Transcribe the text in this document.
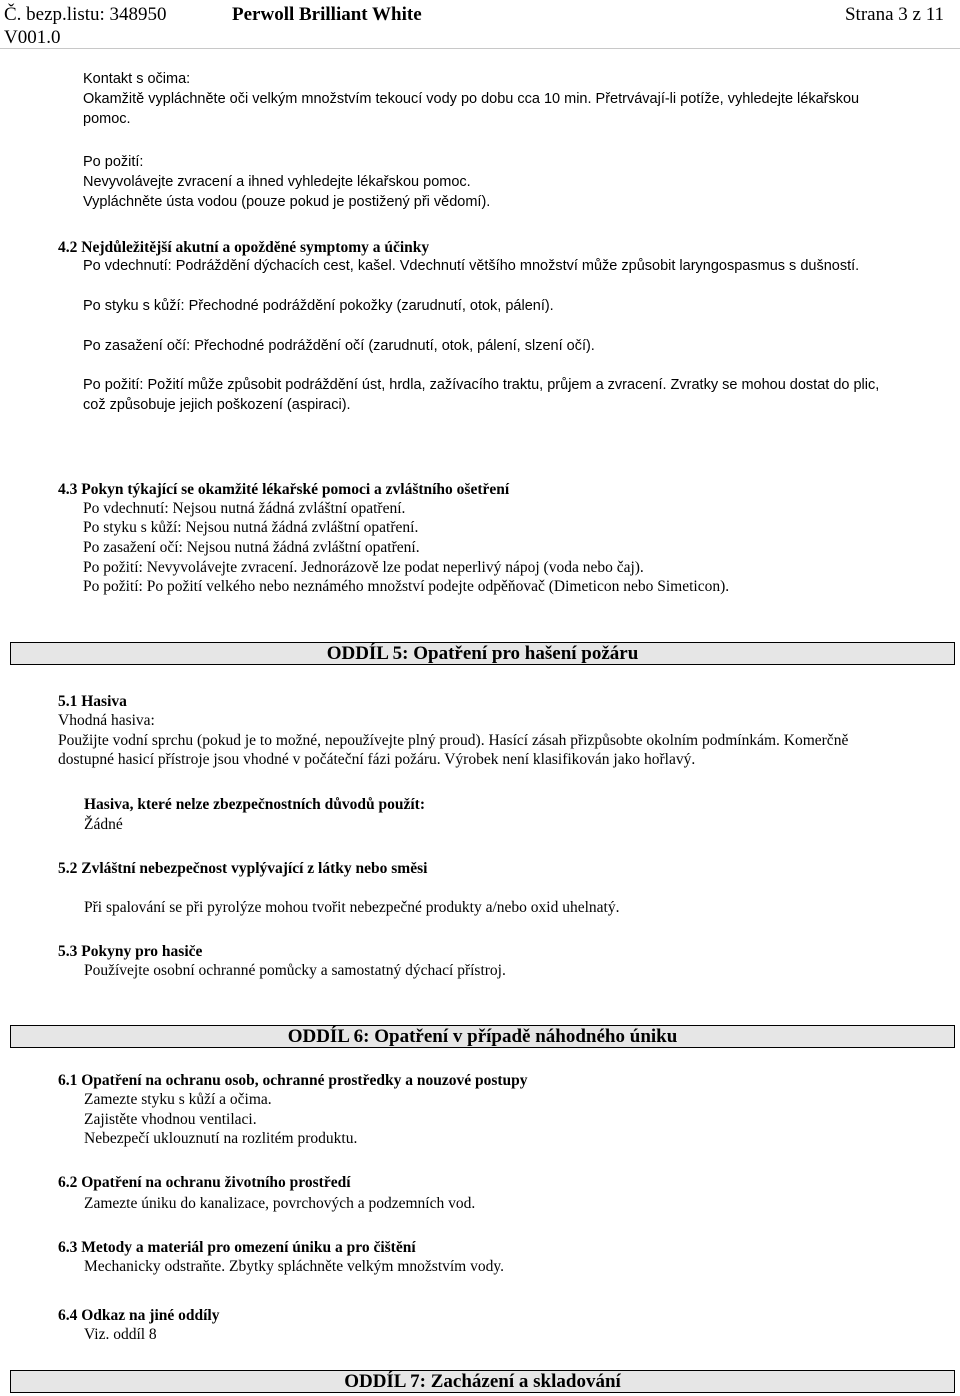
Č. bezp.listu: 348950
V001.0
Perwoll Brilliant White	Strana 3 z 11
Kontakt s očima:
Okamžitě vypláchněte oči velkým množstvím tekoucí vody po dobu cca 10 min. Přetrvávají-li potíže, vyhledejte lékařskou
pomoc.
Po požití:
Nevyvolávejte zvracení a ihned vyhledejte lékařskou pomoc.
Vypláchněte ústa vodou (pouze pokud je postižený při vědomí).
4.2 Nejdůležitější akutní a opožděné symptomy a účinky
Po vdechnutí: Podráždění dýchacích cest, kašel. Vdechnutí většího množství může způsobit laryngospasmus s dušností.
Po styku s kůží: Přechodné podráždění pokožky (zarudnutí, otok, pálení).
Po zasažení očí: Přechodné podráždění očí (zarudnutí, otok, pálení, slzení očí).
Po požití: Požití může způsobit podráždění úst, hrdla, zažívacího traktu, průjem a zvracení. Zvratky se mohou dostat do plic,
což způsobuje jejich poškození (aspiraci).
4.3 Pokyn týkající se okamžité lékařské pomoci a zvláštního ošetření
Po vdechnutí: Nejsou nutná žádná zvláštní opatření.
Po styku s kůží: Nejsou nutná žádná zvláštní opatření.
Po zasažení očí: Nejsou nutná žádná zvláštní opatření.
Po požití: Nevyvolávejte zvracení. Jednorázově lze podat neperlivý nápoj (voda nebo čaj).
Po požití: Po požití velkého nebo neznámého množství podejte odpěňovač (Dimeticon nebo Simeticon).
ODDÍL 5: Opatření pro hašení požáru
5.1 Hasiva
Vhodná hasiva:
Použijte vodní sprchu (pokud je to možné, nepoužívejte plný proud). Hasící zásah přizpůsobte okolním podmínkám. Komerčně
dostupné hasicí přístroje jsou vhodné v počáteční fázi požáru. Výrobek není klasifikován jako hořlavý.
Hasiva, které nelze zbezpečnostních důvodů použít:
Žádné
5.2 Zvláštní nebezpečnost vyplývající z látky nebo směsi
Při spalování se při pyrolýze mohou tvořit nebezpečné produkty a/nebo oxid uhelnatý.
5.3 Pokyny pro hasiče
Používejte osobní ochranné pomůcky a samostatný dýchací přístroj.
ODDÍL 6: Opatření v případě náhodného úniku
6.1 Opatření na ochranu osob, ochranné prostředky a nouzové postupy
Zamezte styku s kůží a očima.
Zajistěte vhodnou ventilaci.
Nebezpečí uklouznutí na rozlitém produktu.
6.2 Opatření na ochranu životního prostředí
Zamezte úniku do kanalizace, povrchových a podzemních vod.
6.3 Metody a materiál pro omezení úniku a pro čištění
Mechanicky odstraňte. Zbytky spláchněte velkým množstvím vody.
6.4 Odkaz na jiné oddíly
Viz. oddíl 8
ODDÍL 7: Zacházení a skladování
